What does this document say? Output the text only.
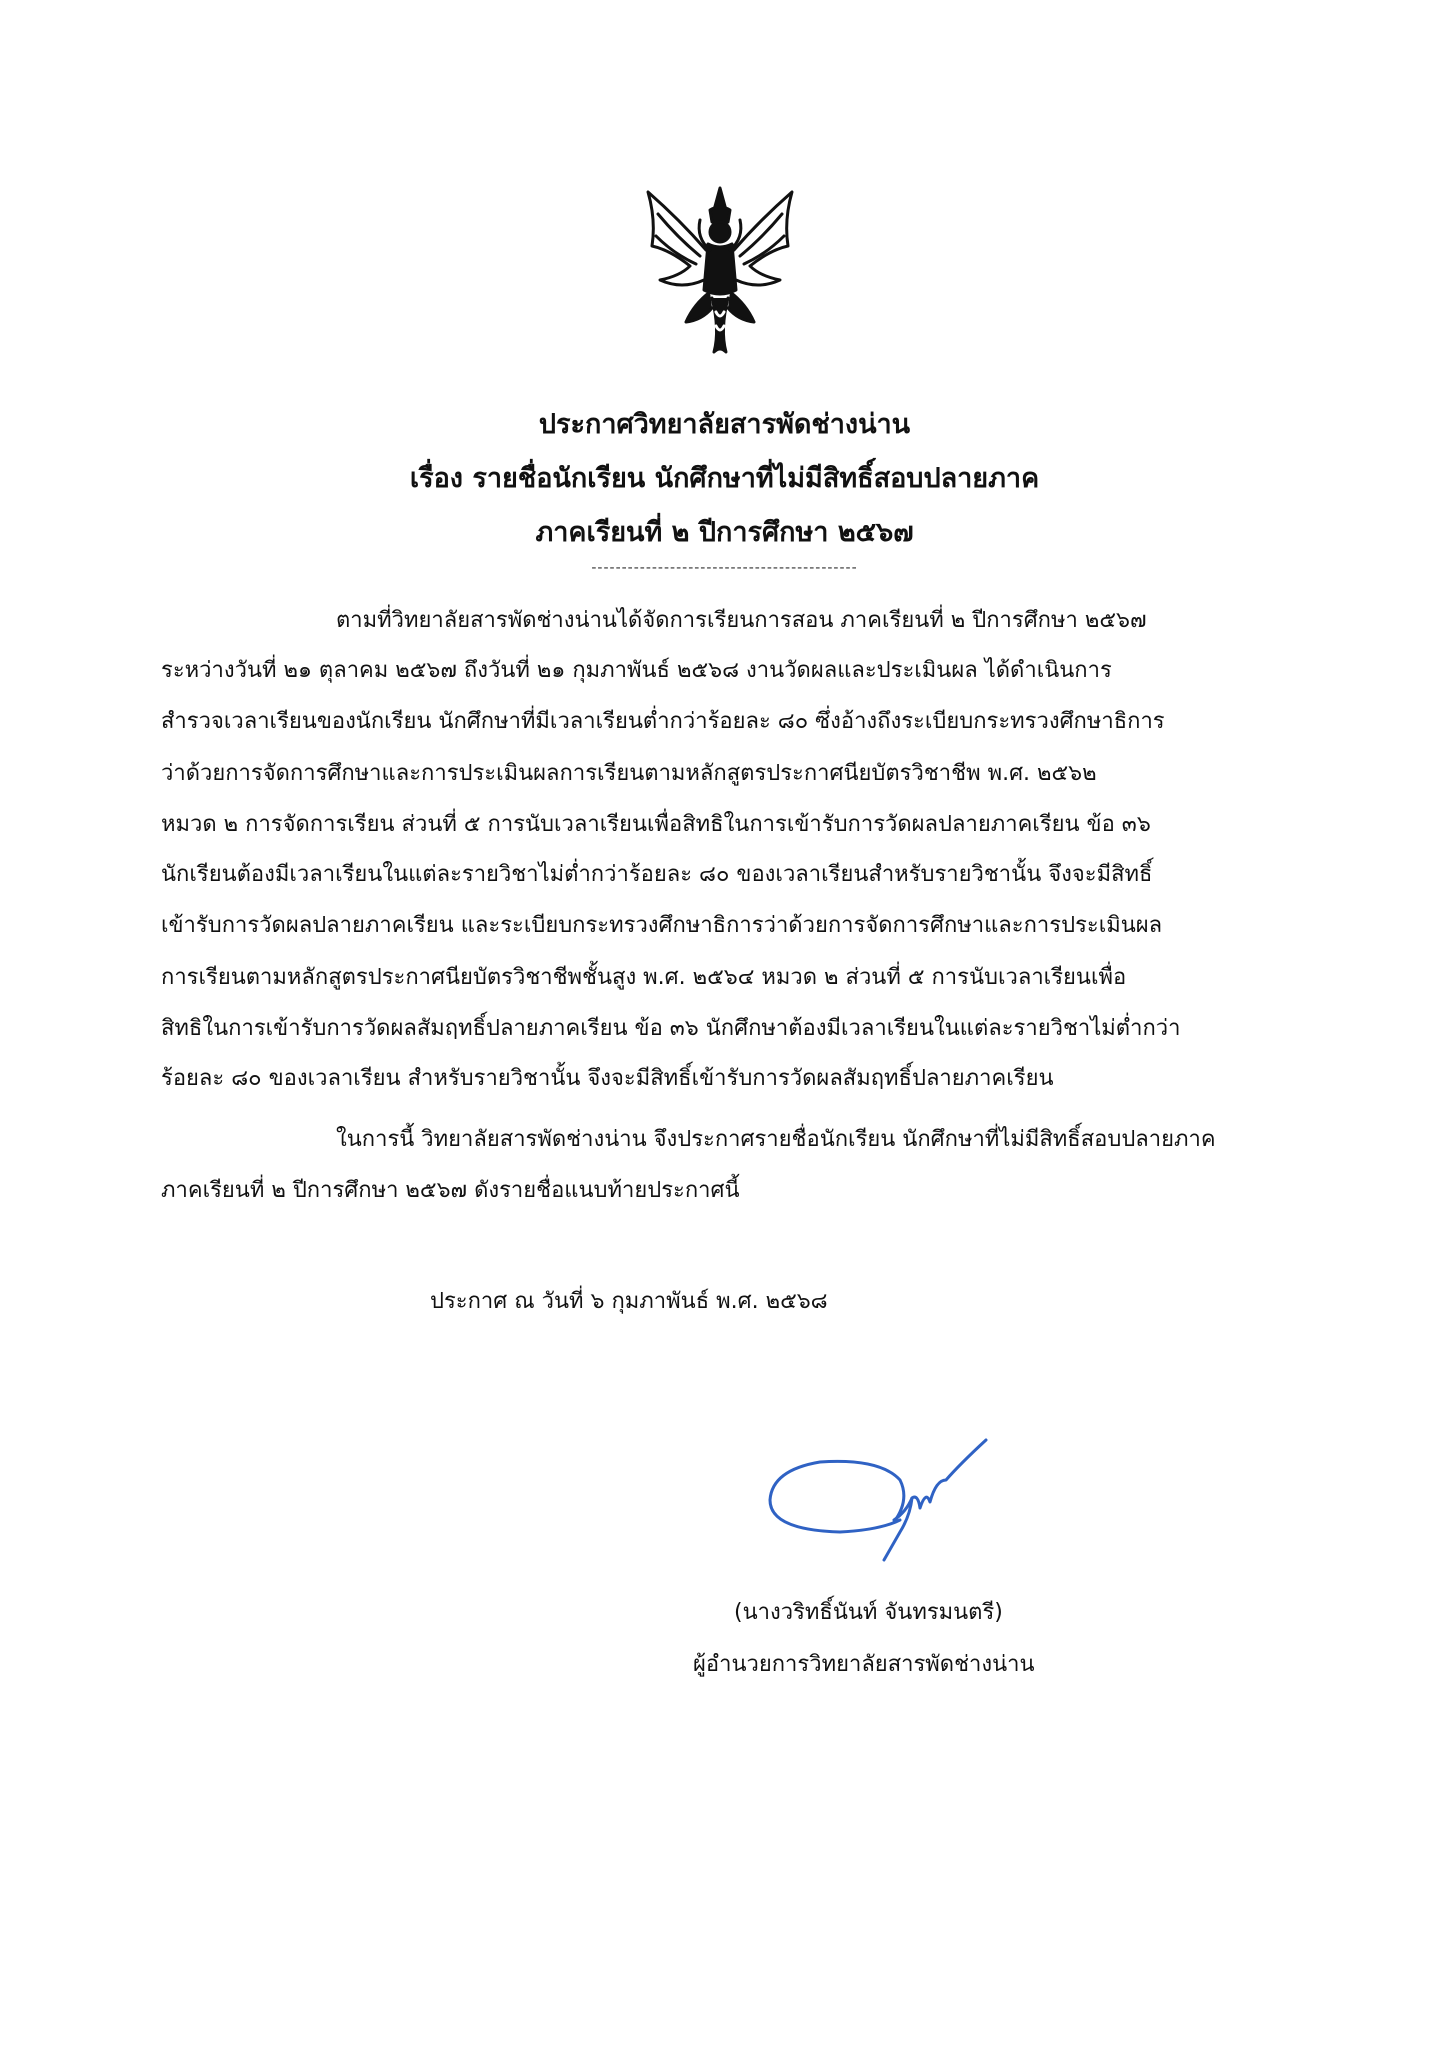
ประกาศวิทยาลัยสารพัดช่างน่าน
เรื่อง รายชื่อนักเรียน นักศึกษาที่ไม่มีสิทธิ์สอบปลายภาค
ภาคเรียนที่ ๒ ปีการศึกษา ๒๕๖๗
--------------------------------------------
ตามที่วิทยาลัยสารพัดช่างน่านได้จัดการเรียนการสอน ภาคเรียนที่ ๒ ปีการศึกษา ๒๕๖๗
ระหว่างวันที่ ๒๑ ตุลาคม ๒๕๖๗ ถึงวันที่ ๒๑ กุมภาพันธ์ ๒๕๖๘ งานวัดผลและประเมินผล ได้ดำเนินการ
สำรวจเวลาเรียนของนักเรียน นักศึกษาที่มีเวลาเรียนต่ำกว่าร้อยละ ๘๐ ซึ่งอ้างถึงระเบียบกระทรวงศึกษาธิการ
ว่าด้วยการจัดการศึกษาและการประเมินผลการเรียนตามหลักสูตรประกาศนียบัตรวิชาชีพ พ.ศ. ๒๕๖๒
หมวด ๒ การจัดการเรียน ส่วนที่ ๕ การนับเวลาเรียนเพื่อสิทธิในการเข้ารับการวัดผลปลายภาคเรียน ข้อ ๓๖
นักเรียนต้องมีเวลาเรียนในแต่ละรายวิชาไม่ต่ำกว่าร้อยละ ๘๐ ของเวลาเรียนสำหรับรายวิชานั้น จึงจะมีสิทธิ์
เข้ารับการวัดผลปลายภาคเรียน และระเบียบกระทรวงศึกษาธิการว่าด้วยการจัดการศึกษาและการประเมินผล
การเรียนตามหลักสูตรประกาศนียบัตรวิชาชีพชั้นสูง พ.ศ. ๒๕๖๔ หมวด ๒ ส่วนที่ ๕ การนับเวลาเรียนเพื่อ
สิทธิในการเข้ารับการวัดผลสัมฤทธิ์ปลายภาคเรียน ข้อ ๓๖ นักศึกษาต้องมีเวลาเรียนในแต่ละรายวิชาไม่ต่ำกว่า
ร้อยละ ๘๐ ของเวลาเรียน สำหรับรายวิชานั้น จึงจะมีสิทธิ์เข้ารับการวัดผลสัมฤทธิ์ปลายภาคเรียน
ในการนี้ วิทยาลัยสารพัดช่างน่าน จึงประกาศรายชื่อนักเรียน นักศึกษาที่ไม่มีสิทธิ์สอบปลายภาค
ภาคเรียนที่ ๒ ปีการศึกษา ๒๕๖๗ ดังรายชื่อแนบท้ายประกาศนี้
ประกาศ ณ วันที่ ๖ กุมภาพันธ์ พ.ศ. ๒๕๖๘
(นางวริทธิ์นันท์ จันทรมนตรี)
ผู้อำนวยการวิทยาลัยสารพัดช่างน่าน
